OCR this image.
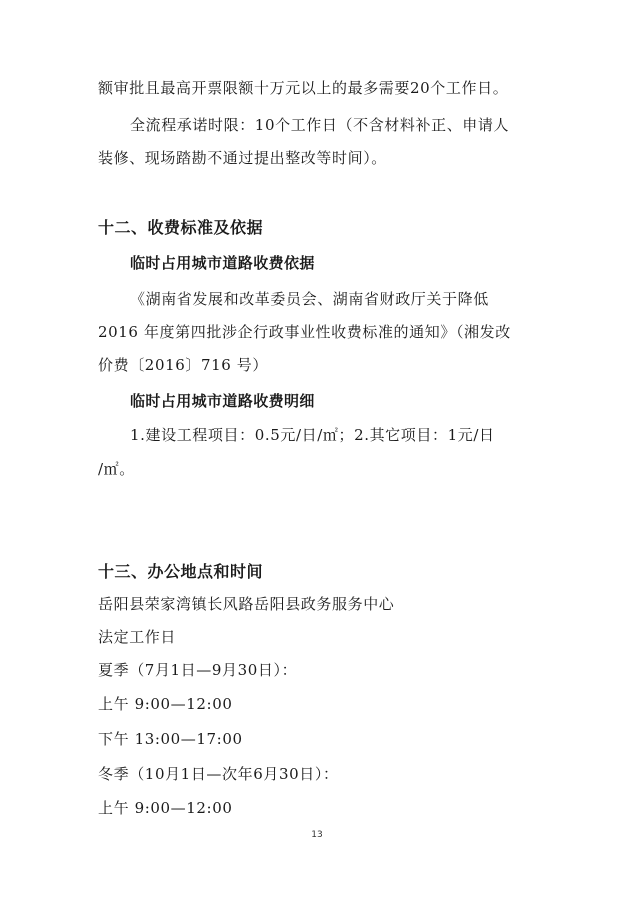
额审批且最高开票限额十万元以上的最多需要20个工作日。
全流程承诺时限：10个工作日（不含材料补正、申请人
装修、现场踏勘不通过提出整改等时间）。
十二、收费标准及依据
临时占用城市道路收费依据
《湖南省发展和改革委员会、湖南省财政厅关于降低
2016 年度第四批涉企行政事业性收费标准的通知》（湘发改
价费〔2016〕716 号）
临时占用城市道路收费明细
1.建设工程项目：0.5元/日/㎡；2.其它项目：1元/日
/㎡。
十三、办公地点和时间
岳阳县荣家湾镇长风路岳阳县政务服务中心
法定工作日
夏季（7月1日—9月30日）：
上午 9:00—12:00
下午 13:00—17:00
冬季（10月1日—次年6月30日）：
上午 9:00—12:00
13
